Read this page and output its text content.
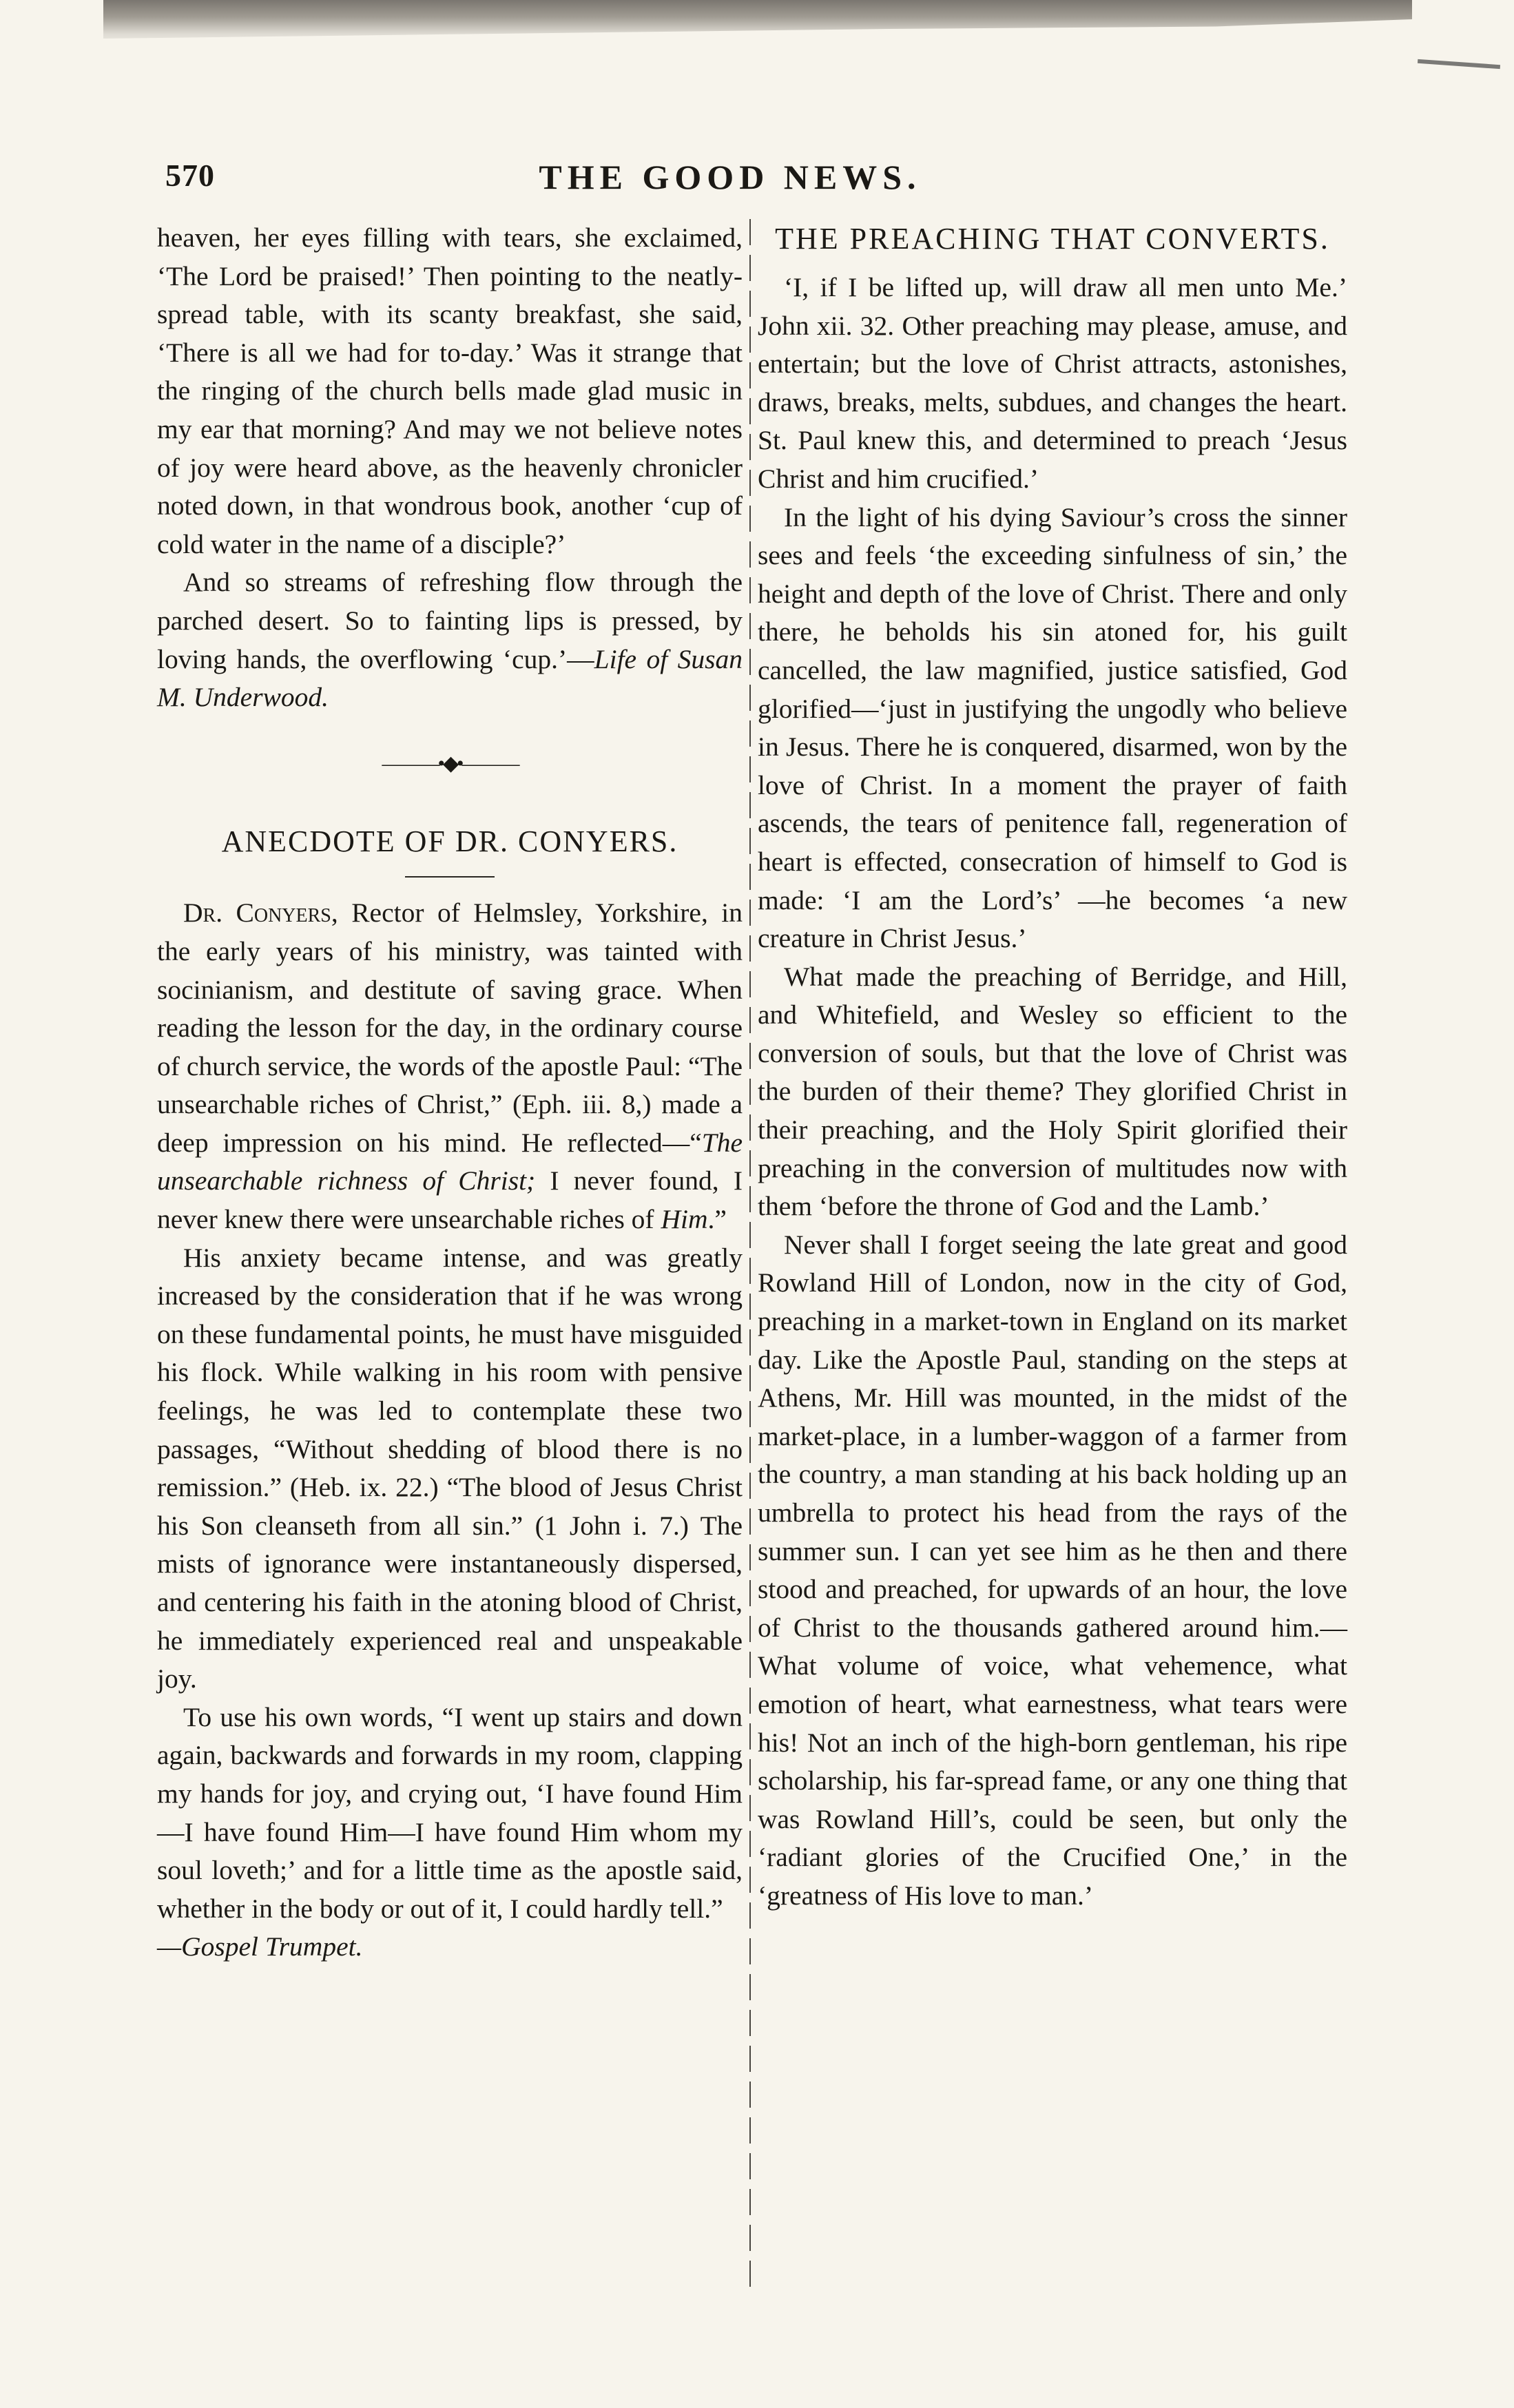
570	THE GOOD NEWS.

heaven, her eyes filling with tears, she exclaimed, ‘The Lord be praised!’ Then pointing to the neatly-spread table, with its scanty breakfast, she said, ‘There is all we had for to-day.’ Was it strange that the ringing of the church bells made glad music in my ear that morning? And may we not believe notes of joy were heard above, as the heavenly chronicler noted down, in that wondrous book, another ‘cup of cold water in the name of a disciple?’

And so streams of refreshing flow through the parched desert. So to fainting lips is pressed, by loving hands, the overflowing ‘cup.’—Life of Susan M. Underwood.

———•◆•———
ANECDOTE OF DR. CONYERS.

Dr. Conyers, Rector of Helmsley, Yorkshire, in the early years of his ministry, was tainted with socinianism, and destitute of saving grace. When reading the lesson for the day, in the ordinary course of church service, the words of the apostle Paul: “The unsearchable riches of Christ,” (Eph. iii. 8,) made a deep impression on his mind. He reflected—“The unsearchable richness of Christ; I never found, I never knew there were unsearchable riches of Him.”

His anxiety became intense, and was greatly increased by the consideration that if he was wrong on these fundamental points, he must have misguided his flock. While walking in his room with pensive feelings, he was led to contemplate these two passages, “Without shedding of blood there is no remission.” (Heb. ix. 22.) “The blood of Jesus Christ his Son cleanseth from all sin.” (1 John i. 7.) The mists of ignorance were instantaneously dispersed, and centering his faith in the atoning blood of Christ, he immediately experienced real and unspeakable joy.

To use his own words, “I went up stairs and down again, backwards and forwards in my room, clapping my hands for joy, and crying out, ‘I have found Him—I have found Him—I have found Him whom my soul loveth;’ and for a little time as the apostle said, whether in the body or out of it, I could hardly tell.”

—Gospel Trumpet.

THE PREACHING THAT CONVERTS.

‘I, if I be lifted up, will draw all men unto Me.’ John xii. 32. Other preaching may please, amuse, and entertain; but the love of Christ attracts, astonishes, draws, breaks, melts, subdues, and changes the heart. St. Paul knew this, and determined to preach ‘Jesus Christ and him crucified.’

In the light of his dying Saviour’s cross the sinner sees and feels ‘the exceeding sinfulness of sin,’ the height and depth of the love of Christ. There and only there, he beholds his sin atoned for, his guilt cancelled, the law magnified, justice satisfied, God glorified—‘just in justifying the ungodly who believe in Jesus. There he is conquered, disarmed, won by the love of Christ. In a moment the prayer of faith ascends, the tears of penitence fall, regeneration of heart is effected, consecration of himself to God is made: ‘I am the Lord’s’ —he becomes ‘a new creature in Christ Jesus.’

What made the preaching of Berridge, and Hill, and Whitefield, and Wesley so efficient to the conversion of souls, but that the love of Christ was the burden of their theme? They glorified Christ in their preaching, and the Holy Spirit glorified their preaching in the conversion of multitudes now with them ‘before the throne of God and the Lamb.’

Never shall I forget seeing the late great and good Rowland Hill of London, now in the city of God, preaching in a market-town in England on its market day. Like the Apostle Paul, standing on the steps at Athens, Mr. Hill was mounted, in the midst of the market-place, in a lumber-waggon of a farmer from the country, a man standing at his back holding up an umbrella to protect his head from the rays of the summer sun. I can yet see him as he then and there stood and preached, for upwards of an hour, the love of Christ to the thousands gathered around him.—What volume of voice, what vehemence, what emotion of heart, what earnestness, what tears were his! Not an inch of the high-born gentleman, his ripe scholarship, his far-spread fame, or any one thing that was Rowland Hill’s, could be seen, but only the ‘radiant glories of the Crucified One,’ in the ‘greatness of His love to man.’
